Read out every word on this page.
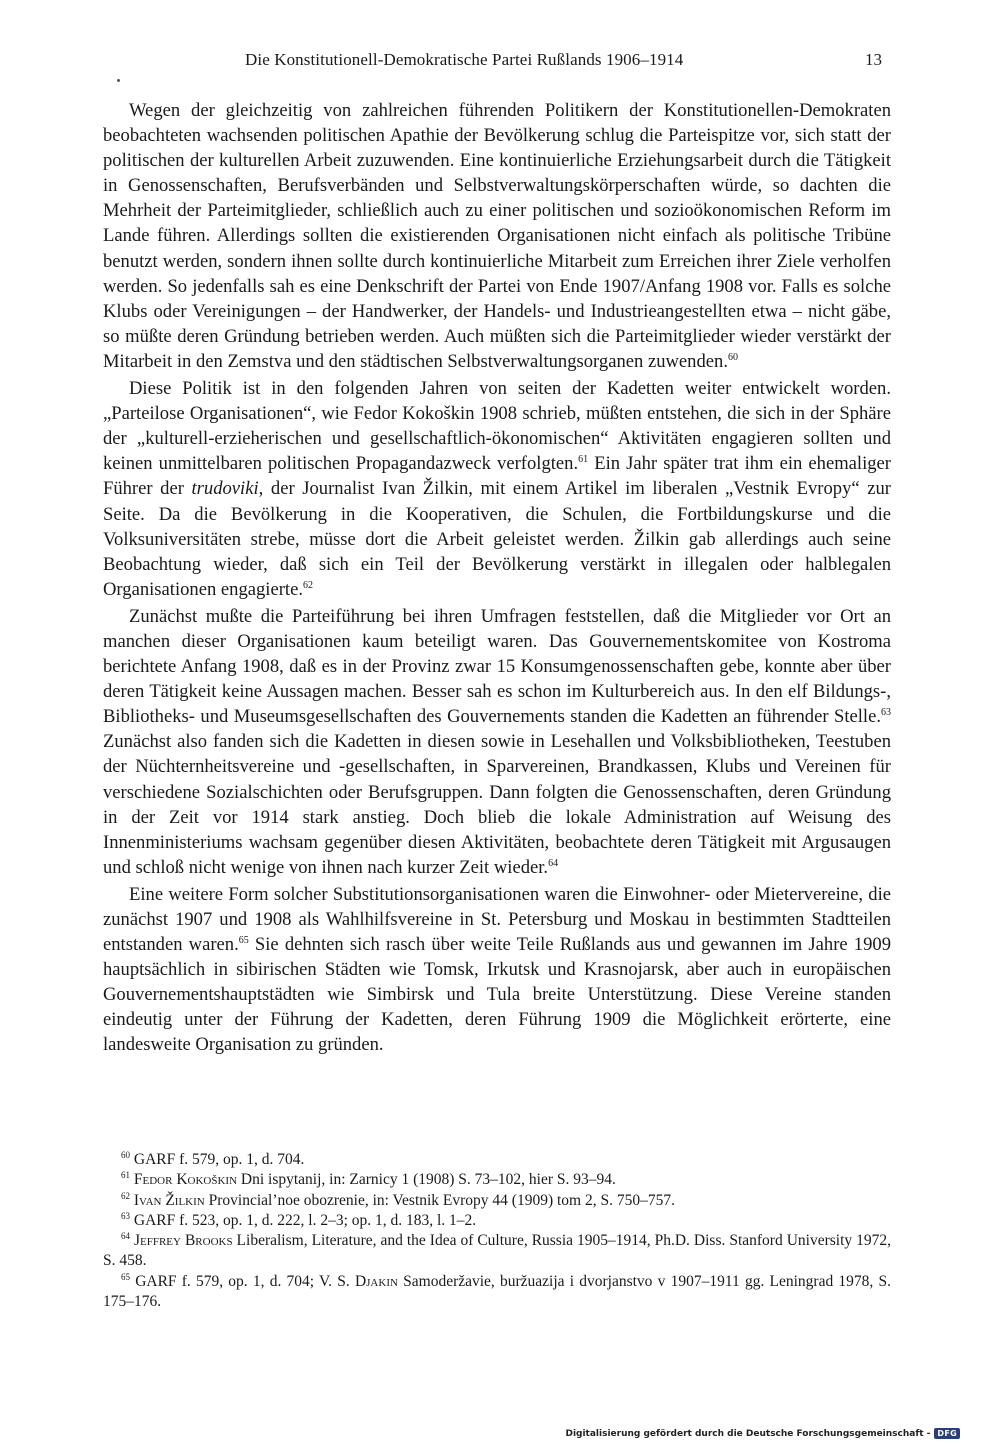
Die Konstitutionell-Demokratische Partei Rußlands 1906–1914	13

Wegen der gleichzeitig von zahlreichen führenden Politikern der Konstitutionellen-Demokraten beobachteten wachsenden politischen Apathie der Bevölkerung schlug die Parteispitze vor, sich statt der politischen der kulturellen Arbeit zuzuwenden. Eine kontinuierliche Erziehungsarbeit durch die Tätigkeit in Genossenschaften, Berufsverbänden und Selbstverwaltungskörperschaften würde, so dachten die Mehrheit der Parteimitglieder, schließlich auch zu einer politischen und sozioökonomischen Reform im Lande führen. Allerdings sollten die existierenden Organisationen nicht einfach als politische Tribüne benutzt werden, sondern ihnen sollte durch kontinuierliche Mitarbeit zum Erreichen ihrer Ziele verholfen werden. So jedenfalls sah es eine Denkschrift der Partei von Ende 1907/Anfang 1908 vor. Falls es solche Klubs oder Vereinigungen – der Handwerker, der Handels- und Industrieangestellten etwa – nicht gäbe, so müßte deren Gründung betrieben werden. Auch müßten sich die Parteimitglieder wieder verstärkt der Mitarbeit in den Zemstva und den städtischen Selbstverwaltungsorganen zuwenden.$^{60}$

Diese Politik ist in den folgenden Jahren von seiten der Kadetten weiter entwickelt worden. „Parteilose Organisationen“, wie Fedor Kokoškin 1908 schrieb, müßten entstehen, die sich in der Sphäre der „kulturell-erzieherischen und gesellschaftlich-ökonomischen“ Aktivitäten engagieren sollten und keinen unmittelbaren politischen Propagandazweck verfolgten.$^{61}$ Ein Jahr später trat ihm ein ehemaliger Führer der trudoviki, der Journalist Ivan Žilkin, mit einem Artikel im liberalen „Vestnik Evropy“ zur Seite. Da die Bevölkerung in die Kooperativen, die Schulen, die Fortbildungskurse und die Volksuniversitäten strebe, müsse dort die Arbeit geleistet werden. Žilkin gab allerdings auch seine Beobachtung wieder, daß sich ein Teil der Bevölkerung verstärkt in illegalen oder halblegalen Organisationen engagierte.$^{62}$

Zunächst mußte die Parteiführung bei ihren Umfragen feststellen, daß die Mitglieder vor Ort an manchen dieser Organisationen kaum beteiligt waren. Das Gouvernementskomitee von Kostroma berichtete Anfang 1908, daß es in der Provinz zwar 15 Konsumgenossenschaften gebe, konnte aber über deren Tätigkeit keine Aussagen machen. Besser sah es schon im Kulturbereich aus. In den elf Bildungs-, Bibliotheks- und Museumsgesellschaften des Gouvernements standen die Kadetten an führender Stelle.$^{63}$ Zunächst also fanden sich die Kadetten in diesen sowie in Lesehallen und Volksbibliotheken, Teestuben der Nüchternheitsvereine und -gesellschaften, in Sparvereinen, Brandkassen, Klubs und Vereinen für verschiedene Sozialschichten oder Berufsgruppen. Dann folgten die Genossenschaften, deren Gründung in der Zeit vor 1914 stark anstieg. Doch blieb die lokale Administration auf Weisung des Innenministeriums wachsam gegenüber diesen Aktivitäten, beobachtete deren Tätigkeit mit Argusaugen und schloß nicht wenige von ihnen nach kurzer Zeit wieder.$^{64}$

Eine weitere Form solcher Substitutionsorganisationen waren die Einwohner- oder Mietervereine, die zunächst 1907 und 1908 als Wahlhilfsvereine in St. Petersburg und Moskau in bestimmten Stadtteilen entstanden waren.$^{65}$ Sie dehnten sich rasch über weite Teile Rußlands aus und gewannen im Jahre 1909 hauptsächlich in sibirischen Städten wie Tomsk, Irkutsk und Krasnojarsk, aber auch in europäischen Gouvernementshauptstädten wie Simbirsk und Tula breite Unterstützung. Diese Vereine standen eindeutig unter der Führung der Kadetten, deren Führung 1909 die Möglichkeit erörterte, eine landesweite Organisation zu gründen.

$^{60}$ GARF f. 579, op. 1, d. 704.

$^{61}$ Fedor Kokoškin Dni ispytanij, in: Zarnicy 1 (1908) S. 73–102, hier S. 93–94.

$^{62}$ Ivan Žilkin Provincial’noe obozrenie, in: Vestnik Evropy 44 (1909) tom 2, S. 750–757.

$^{63}$ GARF f. 523, op. 1, d. 222, l. 2–3; op. 1, d. 183, l. 1–2.

$^{64}$ Jeffrey Brooks Liberalism, Literature, and the Idea of Culture, Russia 1905–1914, Ph.D. Diss. Stanford University 1972, S. 458.

$^{65}$ GARF f. 579, op. 1, d. 704; V. S. Djakin Samoderžavie, buržuazija i dvorjanstvo v 1907–1911 gg. Leningrad 1978, S. 175–176.

Digitalisierung gefördert durch die Deutsche Forschungsgemeinschaft - DFG
